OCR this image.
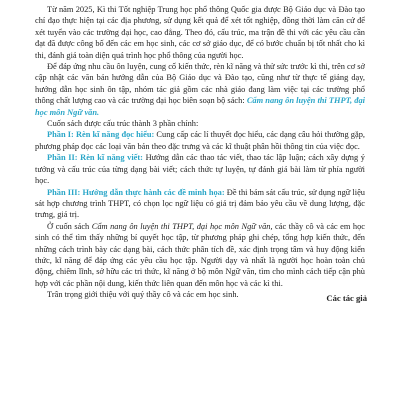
Từ năm 2025, Kì thi Tốt nghiệp Trung học phổ thông Quốc gia được Bộ Giáo dục và Đào tạo chỉ đạo thực hiện tại các địa phương, sử dụng kết quả để xét tốt nghiệp, đồng thời làm căn cứ để xét tuyển vào các trường đại học, cao đẳng. Theo đó, cấu trúc, ma trận đề thi với các yêu cầu cần đạt đã được công bố đến các em học sinh, các cơ sở giáo dục, để có bước chuẩn bị tốt nhất cho kì thi, đánh giá toàn diện quá trình học phổ thông của người học.

Để đáp ứng nhu cầu ôn luyện, cung cố kiến thức, rèn kĩ năng và thử sức trước kì thi, trên cơ sở cập nhật các văn bản hướng dẫn của Bộ Giáo dục và Đào tạo, cũng như từ thực tế giảng dạy, hướng dẫn học sinh ôn tập, nhóm tác giả gồm các nhà giáo đang làm việc tại các trường phổ thông chất lượng cao và các trường đại học biên soạn bộ sách: Cẩm nang ôn luyện thi THPT, đại học môn Ngữ văn.

Cuốn sách được cấu trúc thành 3 phần chính:

Phần I: Rèn kĩ năng đọc hiểu: Cung cấp các lí thuyết đọc hiểu, các dạng câu hỏi thường gặp, phương pháp đọc các loại văn bản theo đặc trưng và các kĩ thuật phân hồi thông tin của việc đọc.

Phần II: Rèn kĩ năng viết: Hướng dẫn các thao tác viết, thao tác lập luận; cách xây dựng ý tưởng và cấu trúc của từng dạng bài viết; cách thức tự luyện, tự đánh giá bài làm từ phía người học.

Phần III: Hướng dẫn thực hành các đề minh họa: Đề thi bám sát cấu trúc, sử dụng ngữ liệu sát hợp chương trình THPT, có chọn lọc ngữ liệu có giá trị đảm bảo yêu cầu về dung lượng, đặc trưng, giá trị.

Ở cuốn sách Cẩm nang ôn luyện thi THPT, đại học môn Ngữ văn, các thầy cô và các em học sinh có thể tìm thấy những bí quyết học tập, từ phương pháp ghi chép, tổng hợp kiến thức, đến những cách trình bày các dạng bài, cách thức phân tích đề, xác định trọng tâm và huy động kiến thức, kĩ năng để đáp ứng các yêu cầu học tập. Người dạy và nhất là người học hoàn toàn chủ động, chiêm lĩnh, sở hữu các tri thức, kĩ năng ở bộ môn Ngữ văn, tìm cho mình cách tiếp cận phù hợp với các phần nội dung, kiến thức liên quan đến môn học và các kì thi.

Trân trọng giới thiệu với quý thầy cô và các em học sinh.	Các tác giả
